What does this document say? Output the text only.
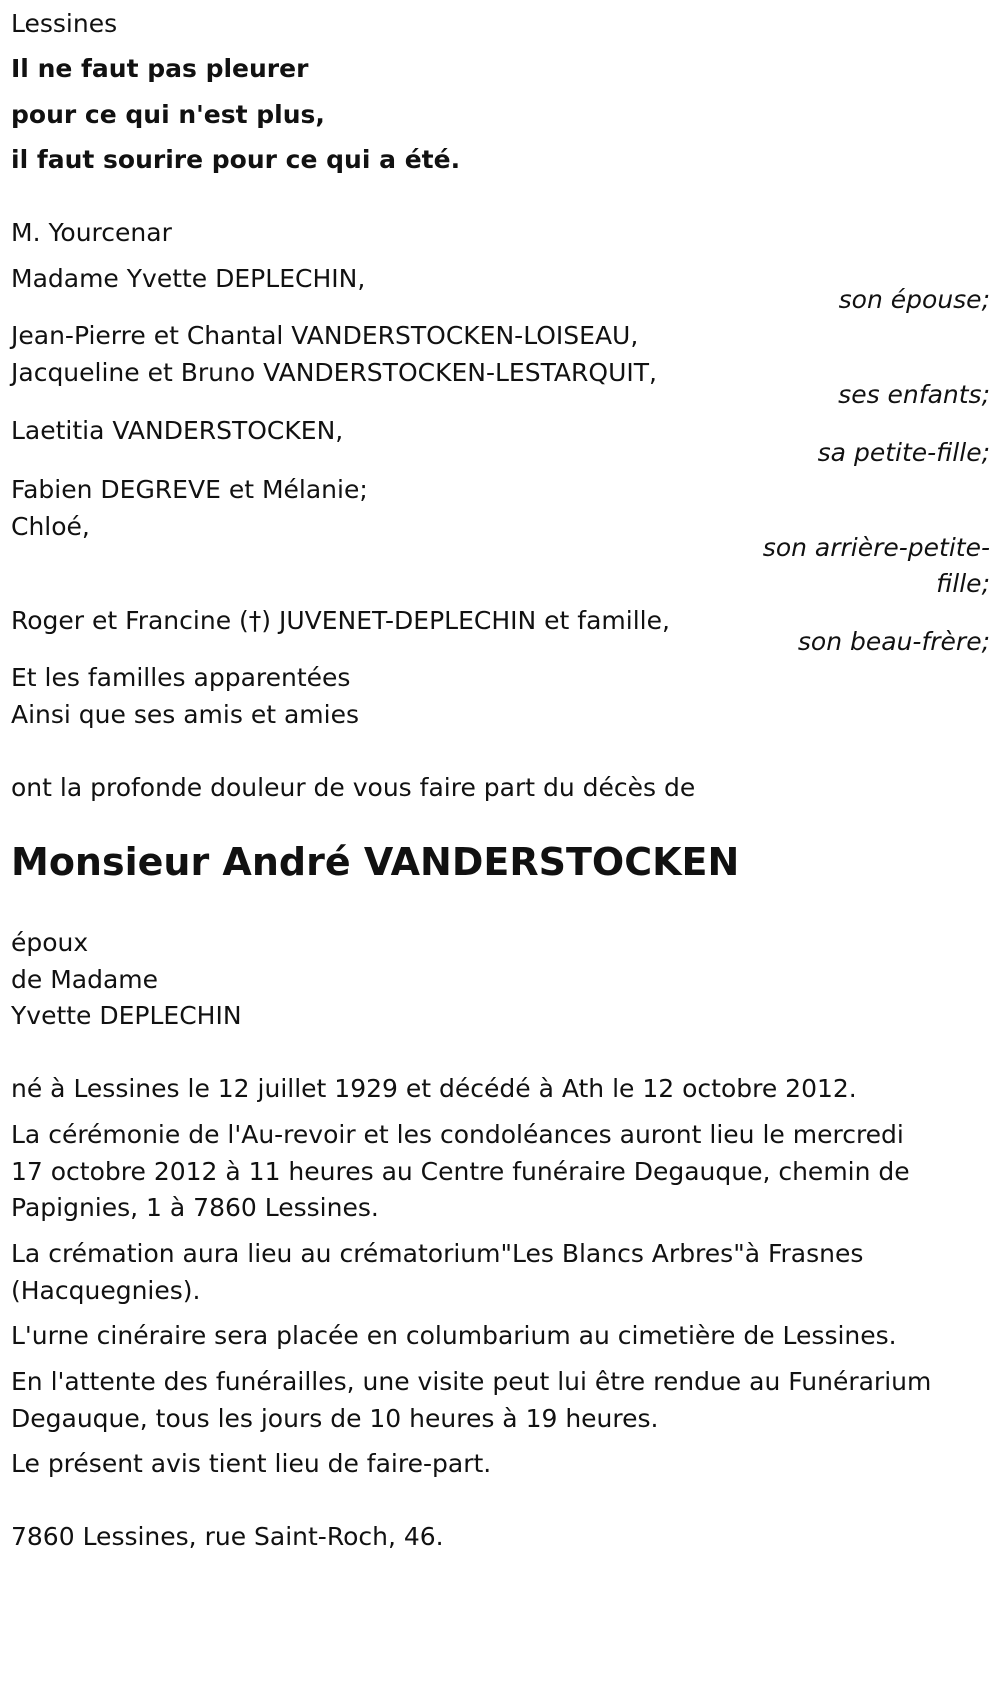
Lessines
Il ne faut pas pleurer
pour ce qui n'est plus,
il faut sourire pour ce qui a été.
M. Yourcenar
Madame Yvette DEPLECHIN,
son épouse;
Jean-Pierre et Chantal VANDERSTOCKEN-LOISEAU,
Jacqueline et Bruno VANDERSTOCKEN-LESTARQUIT,
ses enfants;
Laetitia VANDERSTOCKEN,
sa petite-fille;
Fabien DEGREVE et Mélanie;
Chloé,
son arrière-petite-
fille;
Roger et Francine (†) JUVENET-DEPLECHIN et famille,
son beau-frère;
Et les familles apparentées
Ainsi que ses amis et amies
ont la profonde douleur de vous faire part du décès de
Monsieur André VANDERSTOCKEN
époux
de Madame
Yvette DEPLECHIN
né à Lessines le 12 juillet 1929 et décédé à Ath le 12 octobre 2012.
La cérémonie de l'Au-revoir et les condoléances auront lieu le mercredi
17 octobre 2012 à 11 heures au Centre funéraire Degauque, chemin de
Papignies, 1 à 7860 Lessines.
La crémation aura lieu au crématorium"Les Blancs Arbres"à Frasnes
(Hacquegnies).
L'urne cinéraire sera placée en columbarium au cimetière de Lessines.
En l'attente des funérailles, une visite peut lui être rendue au Funérarium
Degauque, tous les jours de 10 heures à 19 heures.
Le présent avis tient lieu de faire-part.
7860 Lessines, rue Saint-Roch, 46.
